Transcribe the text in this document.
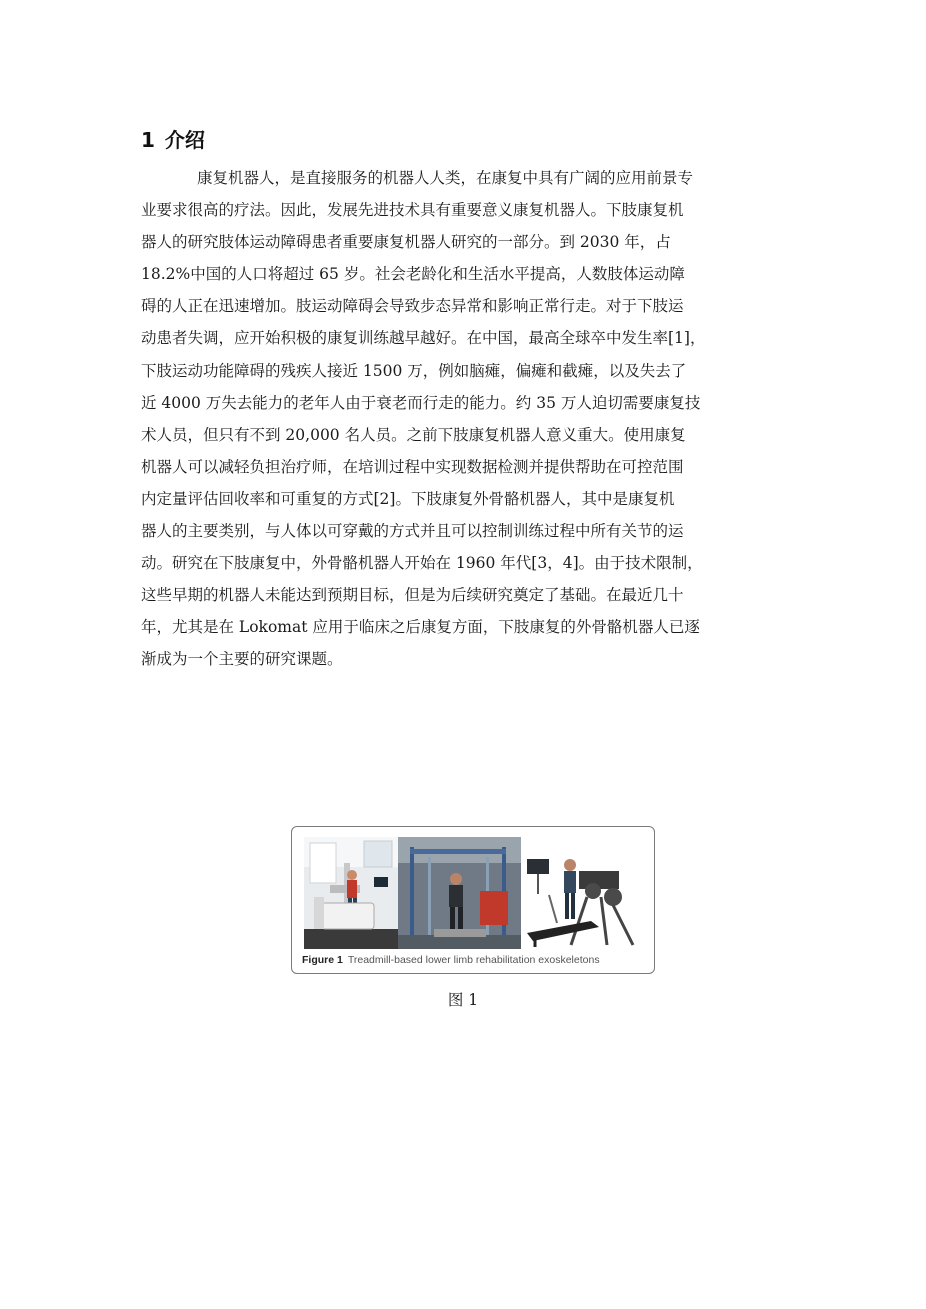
1 介绍
康复机器人，是直接服务的机器人人类，在康复中具有广阔的应用前景专
业要求很高的疗法。因此，发展先进技术具有重要意义康复机器人。下肢康复机
器人的研究肢体运动障碍患者重要康复机器人研究的一部分。到 2030 年，占
18.2%中国的人口将超过 65 岁。社会老龄化和生活水平提高，人数肢体运动障
碍的人正在迅速增加。肢运动障碍会导致步态异常和影响正常行走。对于下肢运
动患者失调，应开始积极的康复训练越早越好。在中国，最高全球卒中发生率[1]，
下肢运动功能障碍的残疾人接近 1500 万，例如脑瘫，偏瘫和截瘫，以及失去了
近 4000 万失去能力的老年人由于衰老而行走的能力。约 35 万人迫切需要康复技
术人员，但只有不到 20,000 名人员。之前下肢康复机器人意义重大。使用康复
机器人可以减轻负担治疗师，在培训过程中实现数据检测并提供帮助在可控范围
内定量评估回收率和可重复的方式[2]。下肢康复外骨骼机器人，其中是康复机
器人的主要类别，与人体以可穿戴的方式并且可以控制训练过程中所有关节的运
动。研究在下肢康复中，外骨骼机器人开始在 1960 年代[3，4]。由于技术限制，
这些早期的机器人未能达到预期目标，但是为后续研究奠定了基础。在最近几十
年，尤其是在 Lokomat 应用于临床之后康复方面，下肢康复的外骨骼机器人已逐
渐成为一个主要的研究课题。
Figure 1 Treadmill-based lower limb rehabilitation exoskeletons
图 1
